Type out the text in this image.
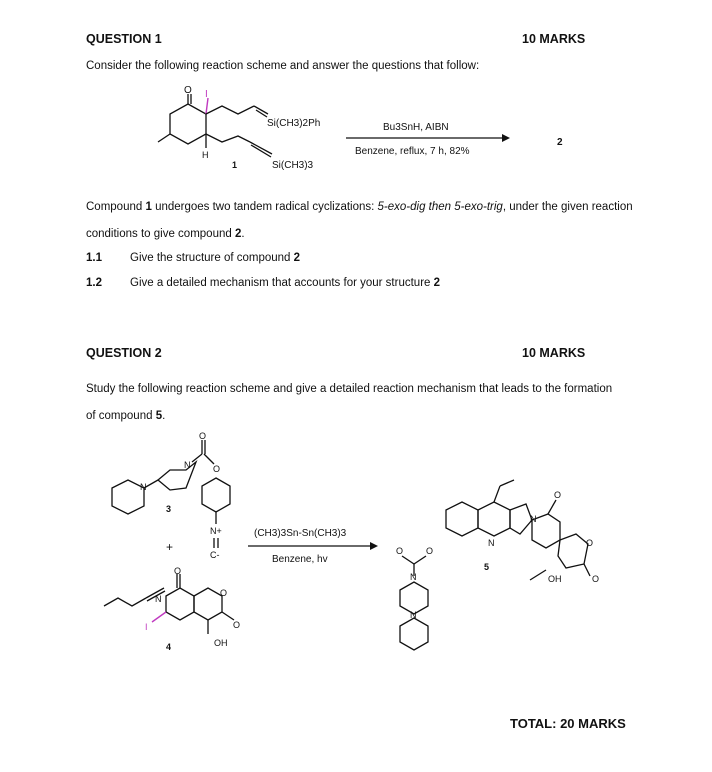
QUESTION 1	10 MARKS
Consider the following reaction scheme and answer the questions that follow:
O I
H
Si(CH3)2Ph
Si(CH3)3
1
Bu3SnH, AIBN
Benzene, reflux, 7 h, 82%
2
Compound 1 undergoes two tandem radical cyclizations: 5-exo-dig then 5-exo-trig, under the given reaction conditions to give compound 2.
1.1 Give the structure of compound 2
1.2 Give a detailed mechanism that accounts for your structure 2
QUESTION 2	10 MARKS
Study the following reaction scheme and give a detailed reaction mechanism that leads to the formation of compound 5.
N
N
3
O
O
N+
C-
+
N
O
I
O
O
OH
4
(CH3)3Sn-Sn(CH3)3
Benzene, hv
N
N
O	O
N
N
O
O
O
OH
5
TOTAL: 20 MARKS
